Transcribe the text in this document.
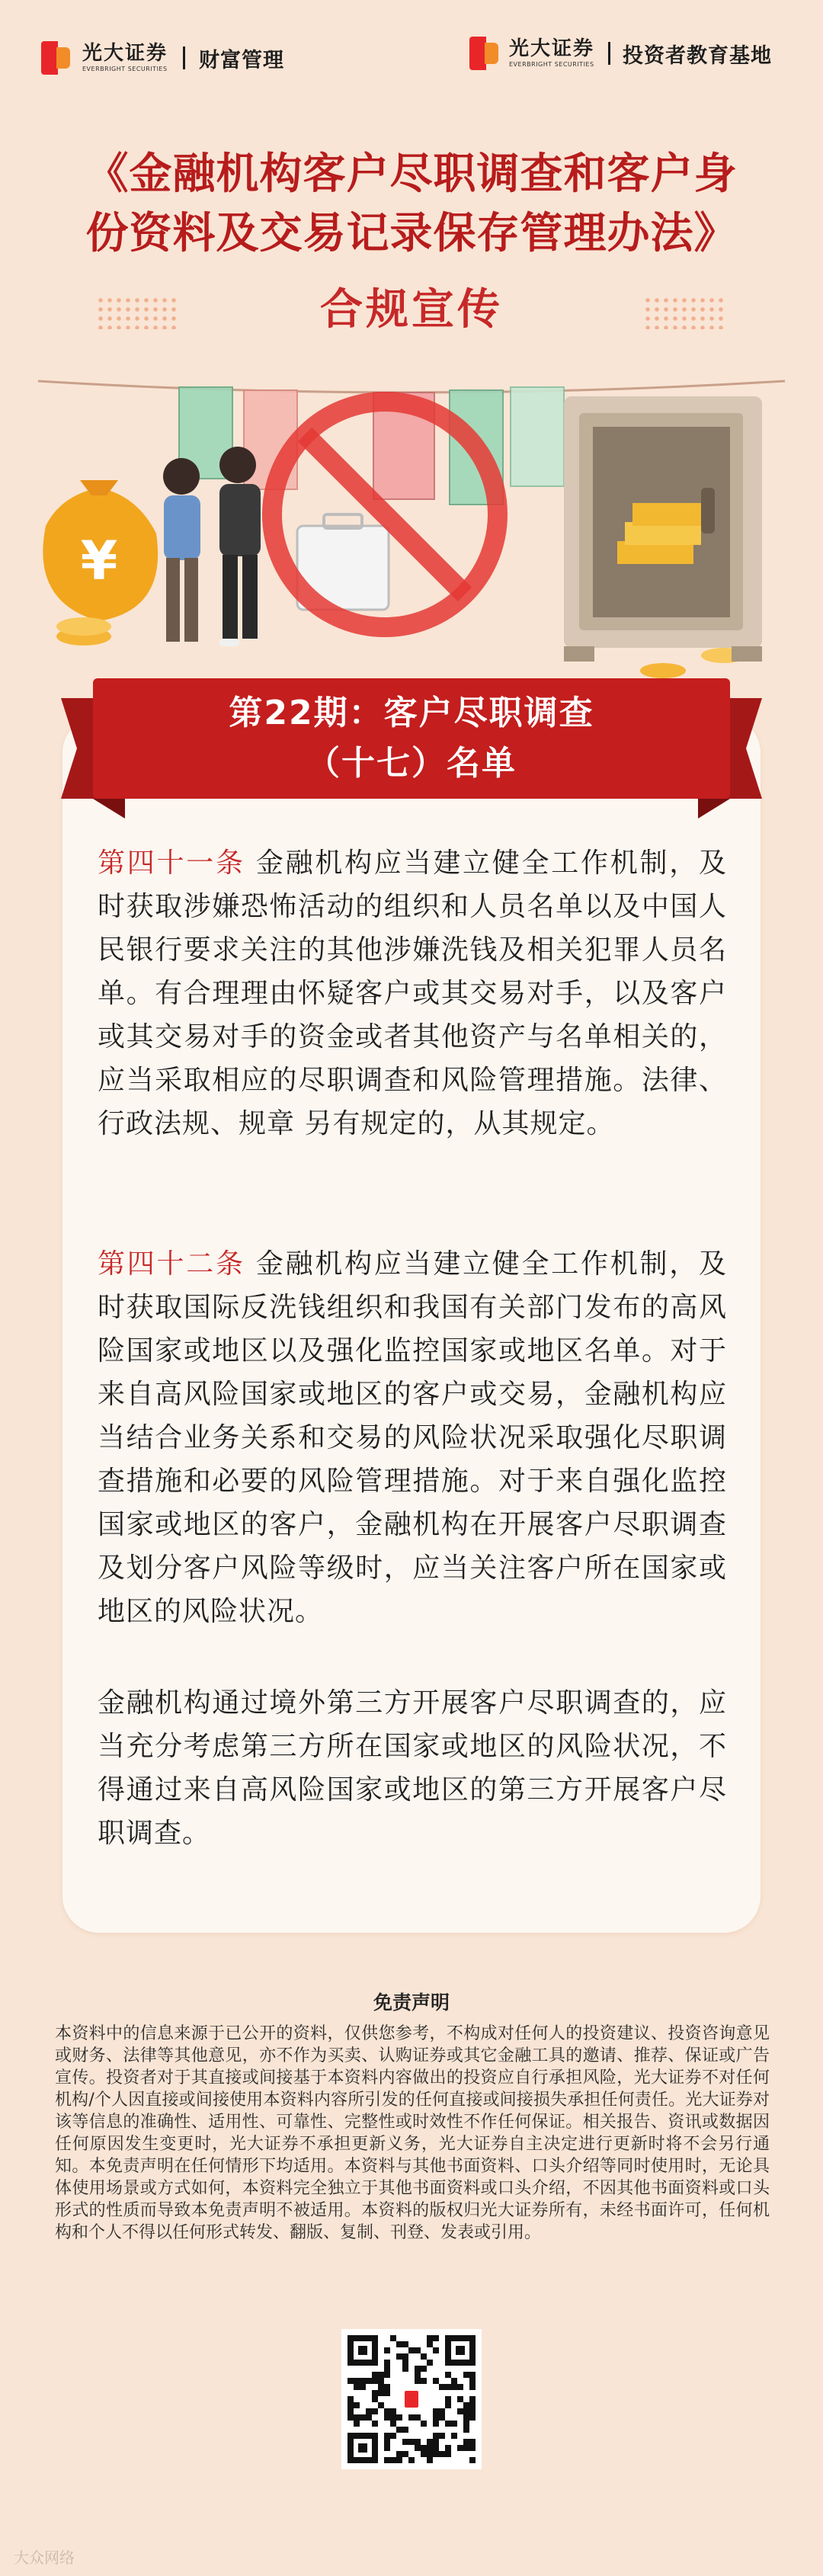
光大证券
EVERBRIGHT SECURITIES 财富管理	光大证券
EVERBRIGHT SECURITIES 投资者教育基地
《金融机构客户尽职调查和客户身
份资料及交易记录保存管理办法》
合规宣传
¥
第22期：客户尽职调查
（十七）名单
第四十一条 金融机构应当建立健全工作机制，及时获取涉嫌恐怖活动的组织和人员名单以及中国人民银行要求关注的其他涉嫌洗钱及相关犯罪人员名单。有合理理由怀疑客户或其交易对手，以及客户或其交易对手的资金或者其他资产与名单相关的，应当采取相应的尽职调查和风险管理措施。法律、行政法规、规章 另有规定的，从其规定。
第四十二条 金融机构应当建立健全工作机制，及时获取国际反洗钱组织和我国有关部门发布的高风险国家或地区以及强化监控国家或地区名单。对于来自高风险国家或地区的客户或交易，金融机构应当结合业务关系和交易的风险状况采取强化尽职调查措施和必要的风险管理措施。对于来自强化监控国家或地区的客户，金融机构在开展客户尽职调查及划分客户风险等级时，应当关注客户所在国家或地区的风险状况。
金融机构通过境外第三方开展客户尽职调查的，应当充分考虑第三方所在国家或地区的风险状况，不得通过来自高风险国家或地区的第三方开展客户尽职调查。
免责声明
本资料中的信息来源于已公开的资料，仅供您参考，不构成对任何人的投资建议、投资咨询意见或财务、法律等其他意见，亦不作为买卖、认购证券或其它金融工具的邀请、推荐、保证或广告宣传。投资者对于其直接或间接基于本资料内容做出的投资应自行承担风险，光大证券不对任何机构/个人因直接或间接使用本资料内容所引发的任何直接或间接损失承担任何责任。光大证券对该等信息的准确性、适用性、可靠性、完整性或时效性不作任何保证。相关报告、资讯或数据因任何原因发生变更时，光大证券不承担更新义务，光大证券自主决定进行更新时将不会另行通知。本免责声明在任何情形下均适用。本资料与其他书面资料、口头介绍等同时使用时，无论具体使用场景或方式如何，本资料完全独立于其他书面资料或口头介绍，不因其他书面资料或口头形式的性质而导致本免责声明不被适用。本资料的版权归光大证券所有，未经书面许可，任何机构和个人不得以任何形式转发、翻版、复制、刊登、发表或引用。
大众网络
